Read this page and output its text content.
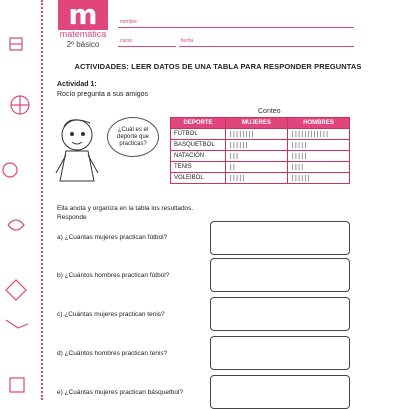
m
matemática
2º básico
nombre
curso	fecha
ACTIVIDADES: LEER DATOS DE UNA TABLA PARA RESPONDER PREGUNTAS
Actividad 1:
Rocío pregunta a sus amigos
¿Cuál es el deporte que practicas?
Conteo
DEPORTE	MUJERES	HOMBRES
FÚTBOL	||||||||	||||||||||||
BASQUETBOL	||||||	|||||
NATACIÓN	|||	|||||
TENIS	||	||||
VOLEIBOL	|||||	||||||
Ella anota y organiza en la tabla los resultados.
Responde
a) ¿Cuántas mujeres practican fútbol?
b) ¿Cuántos hombres practican fútbol?
c) ¿Cuántas mujeres practican tenis?
d) ¿Cuántos hombres practican tenis?
e) ¿Cuántas mujeres practican básquetbol?
